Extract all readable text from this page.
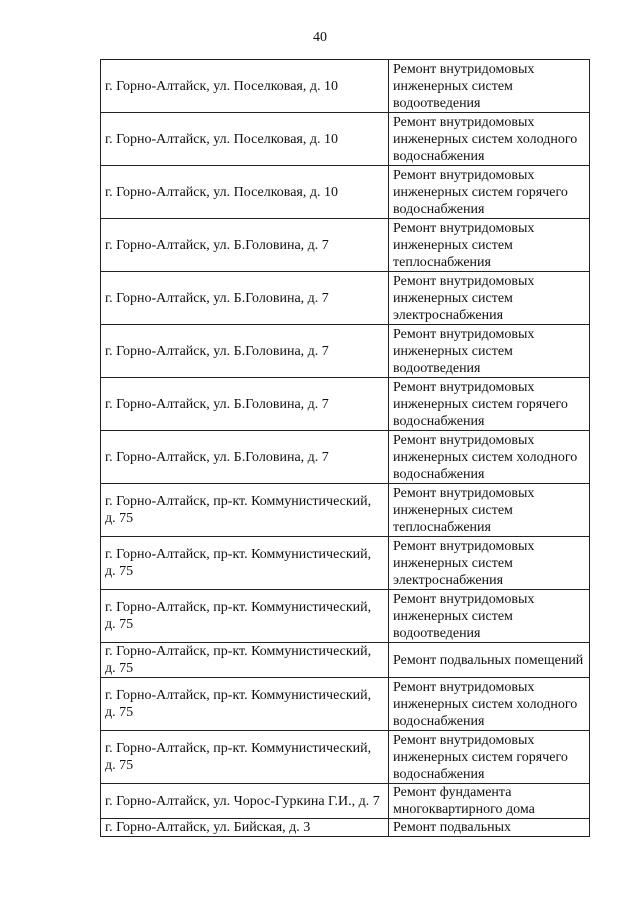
40
г. Горно-Алтайск, ул. Поселковая, д. 10	Ремонт внутридомовых инженерных систем водоотведения
г. Горно-Алтайск, ул. Поселковая, д. 10	Ремонт внутридомовых инженерных систем холодного водоснабжения
г. Горно-Алтайск, ул. Поселковая, д. 10	Ремонт внутридомовых инженерных систем горячего водоснабжения
г. Горно-Алтайск, ул. Б.Головина, д. 7	Ремонт внутридомовых инженерных систем теплоснабжения
г. Горно-Алтайск, ул. Б.Головина, д. 7	Ремонт внутридомовых инженерных систем электроснабжения
г. Горно-Алтайск, ул. Б.Головина, д. 7	Ремонт внутридомовых инженерных систем водоотведения
г. Горно-Алтайск, ул. Б.Головина, д. 7	Ремонт внутридомовых инженерных систем горячего водоснабжения
г. Горно-Алтайск, ул. Б.Головина, д. 7	Ремонт внутридомовых инженерных систем холодного водоснабжения
г. Горно-Алтайск, пр-кт. Коммунистический, д. 75	Ремонт внутридомовых инженерных систем теплоснабжения
г. Горно-Алтайск, пр-кт. Коммунистический, д. 75	Ремонт внутридомовых инженерных систем электроснабжения
г. Горно-Алтайск, пр-кт. Коммунистический, д. 75	Ремонт внутридомовых инженерных систем водоотведения
г. Горно-Алтайск, пр-кт. Коммунистический, д. 75	Ремонт подвальных помещений
г. Горно-Алтайск, пр-кт. Коммунистический, д. 75	Ремонт внутридомовых инженерных систем холодного водоснабжения
г. Горно-Алтайск, пр-кт. Коммунистический, д. 75	Ремонт внутридомовых инженерных систем горячего водоснабжения
г. Горно-Алтайск, ул. Чорос-Гуркина Г.И., д. 7	Ремонт фундамента многоквартирного дома
г. Горно-Алтайск, ул. Бийская, д. 3	Ремонт подвальных
